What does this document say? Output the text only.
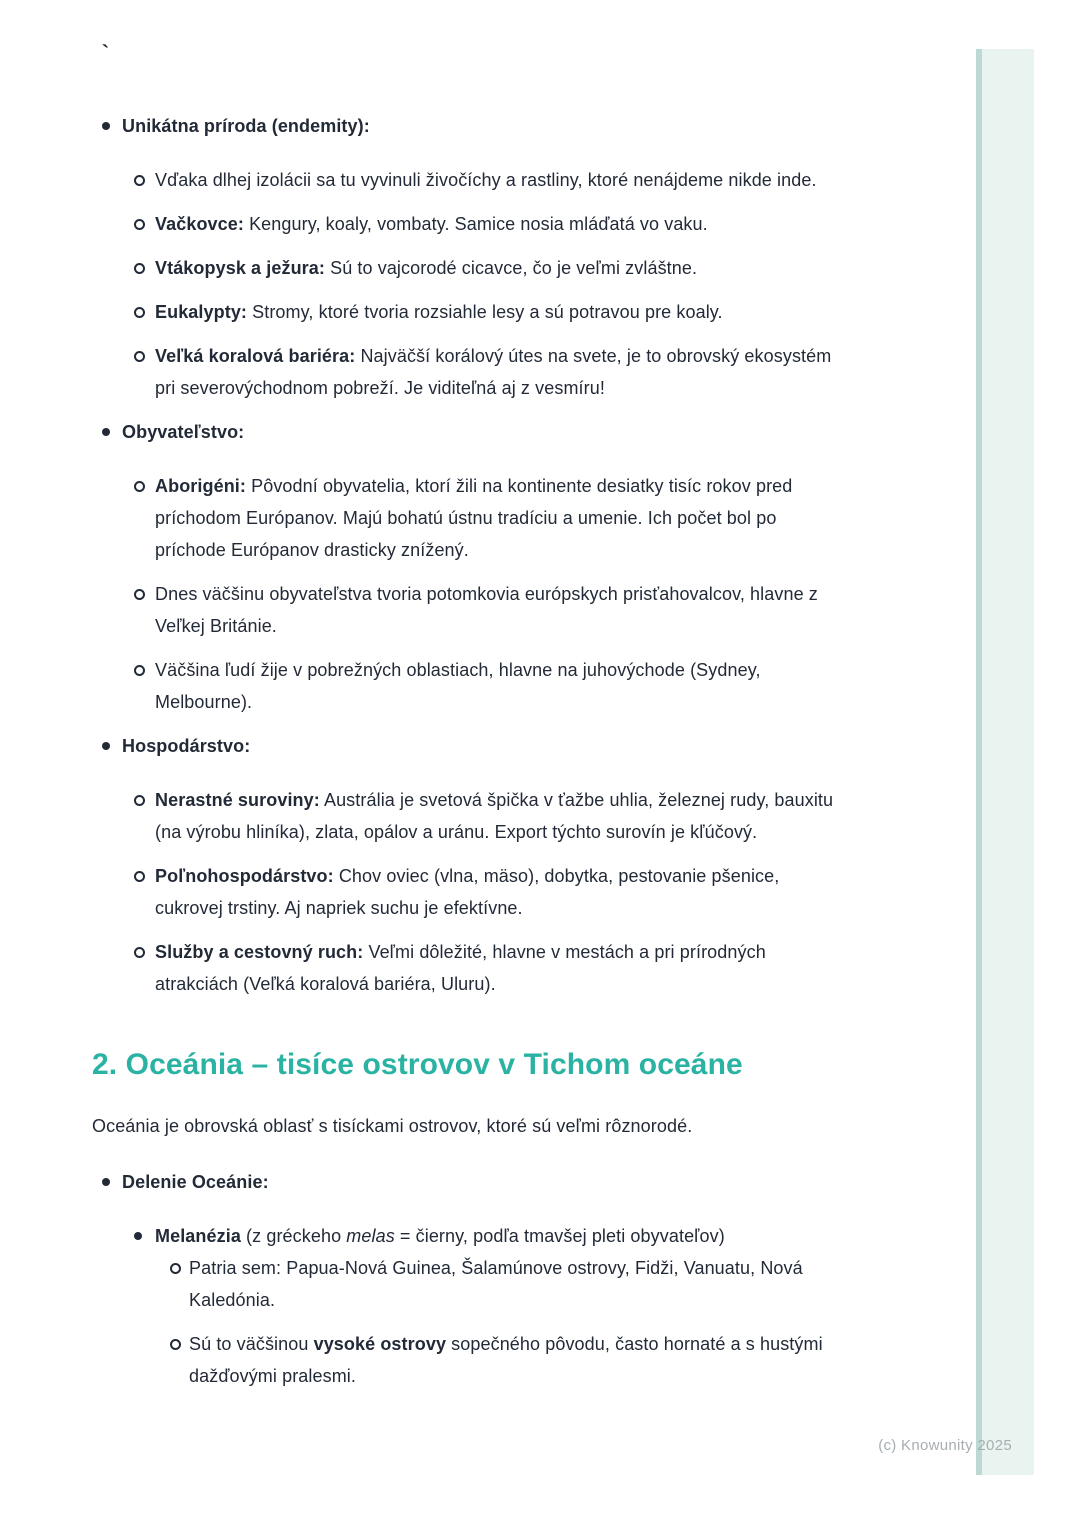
`
Unikátna príroda (endemity):
Vďaka dlhej izolácii sa tu vyvinuli živočíchy a rastliny, ktoré nenájdeme nikde inde.
Vačkovce: Kengury, koaly, vombaty. Samice nosia mláďatá vo vaku.
Vtákopysk a ježura: Sú to vajcorodé cicavce, čo je veľmi zvláštne.
Eukalypty: Stromy, ktoré tvoria rozsiahle lesy a sú potravou pre koaly.
Veľká koralová bariéra: Najväčší korálový útes na svete, je to obrovský ekosystém pri severovýchodnom pobreží. Je viditeľná aj z vesmíru!
Obyvateľstvo:
Aborigéni: Pôvodní obyvatelia, ktorí žili na kontinente desiatky tisíc rokov pred príchodom Európanov. Majú bohatú ústnu tradíciu a umenie. Ich počet bol po príchode Európanov drasticky znížený.
Dnes väčšinu obyvateľstva tvoria potomkovia európskych prisťahovalcov, hlavne z Veľkej Británie.
Väčšina ľudí žije v pobrežných oblastiach, hlavne na juhovýchode (Sydney, Melbourne).
Hospodárstvo:
Nerastné suroviny: Austrália je svetová špička v ťažbe uhlia, železnej rudy, bauxitu (na výrobu hliníka), zlata, opálov a uránu. Export týchto surovín je kľúčový.
Poľnohospodárstvo: Chov oviec (vlna, mäso), dobytka, pestovanie pšenice, cukrovej trstiny. Aj napriek suchu je efektívne.
Služby a cestovný ruch: Veľmi dôležité, hlavne v mestách a pri prírodných atrakciách (Veľká koralová bariéra, Uluru).
2. Oceánia – tisíce ostrovov v Tichom oceáne

Oceánia je obrovská oblasť s tisíckami ostrovov, ktoré sú veľmi rôznorodé.

Delenie Oceánie:
Melanézia (z gréckeho melas = čierny, podľa tmavšej pleti obyvateľov)
Patria sem: Papua-Nová Guinea, Šalamúnove ostrovy, Fidži, Vanuatu, Nová Kaledónia.
Sú to väčšinou vysoké ostrovy sopečného pôvodu, často hornaté a s hustými dažďovými pralesmi.
(c) Knowunity 2025
